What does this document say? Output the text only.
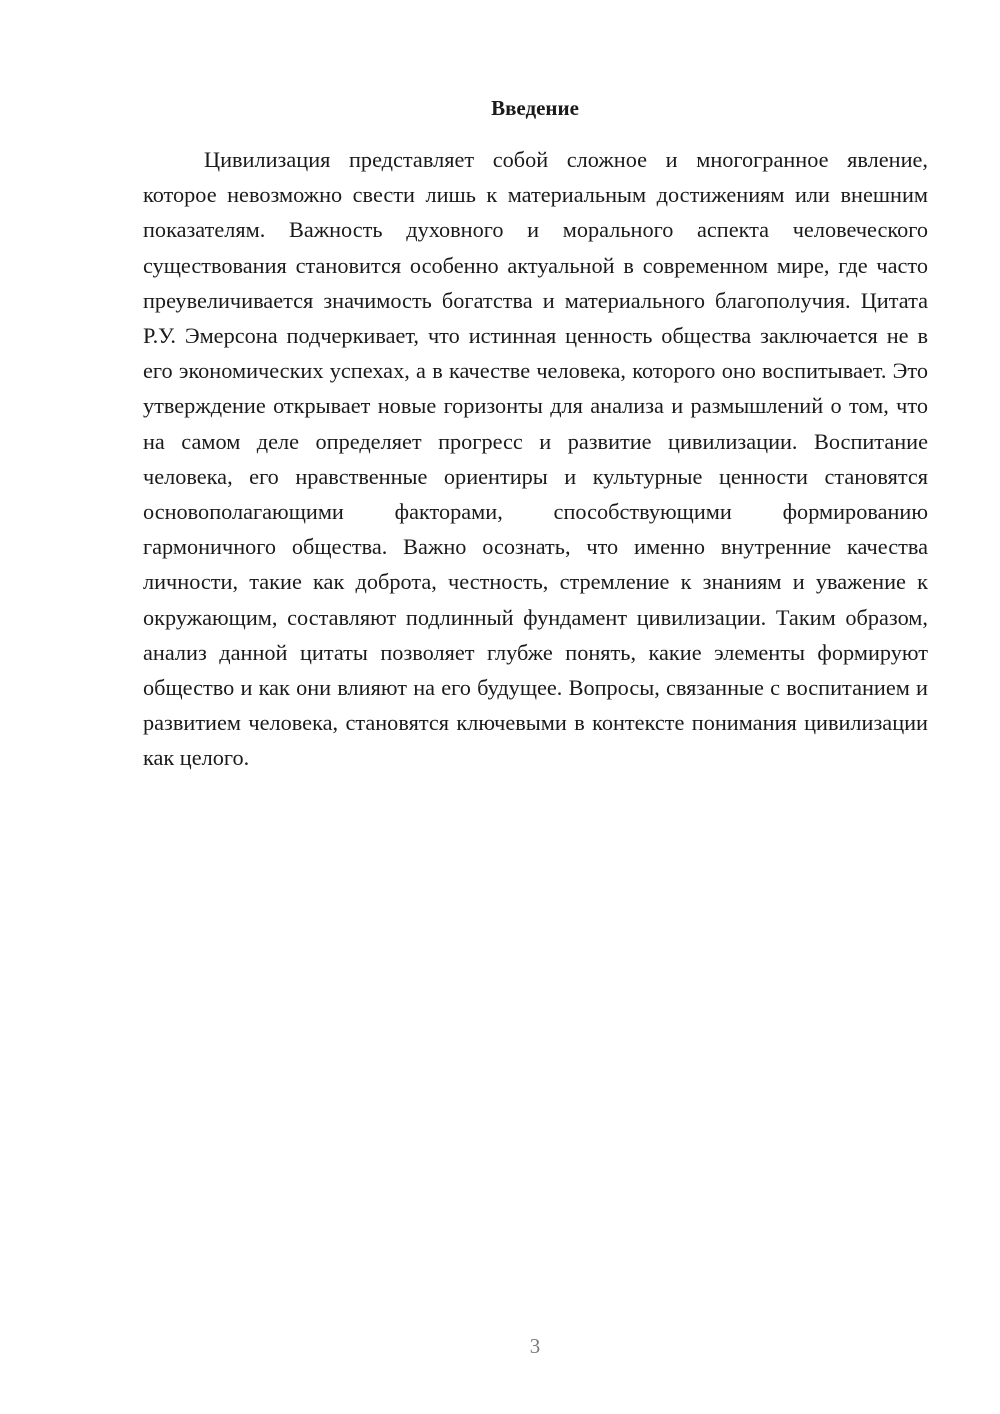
Введение

Цивилизация представляет собой сложное и многогранное явление, которое невозможно свести лишь к материальным достижениям или внешним показателям. Важность духовного и морального аспекта человеческого существования становится особенно актуальной в современном мире, где часто преувеличивается значимость богатства и материального благополучия. Цитата Р.У. Эмерсона подчеркивает, что истинная ценность общества заключается не в его экономических успехах, а в качестве человека, которого оно воспитывает. Это утверждение открывает новые горизонты для анализа и размышлений о том, что на самом деле определяет прогресс и развитие цивилизации. Воспитание человека, его нравственные ориентиры и культурные ценности становятся основополагающими факторами, способствующими формированию гармоничного общества. Важно осознать, что именно внутренние качества личности, такие как доброта, честность, стремление к знаниям и уважение к окружающим, составляют подлинный фундамент цивилизации. Таким образом, анализ данной цитаты позволяет глубже понять, какие элементы формируют общество и как они влияют на его будущее. Вопросы, связанные с воспитанием и развитием человека, становятся ключевыми в контексте понимания цивилизации как целого.

3
